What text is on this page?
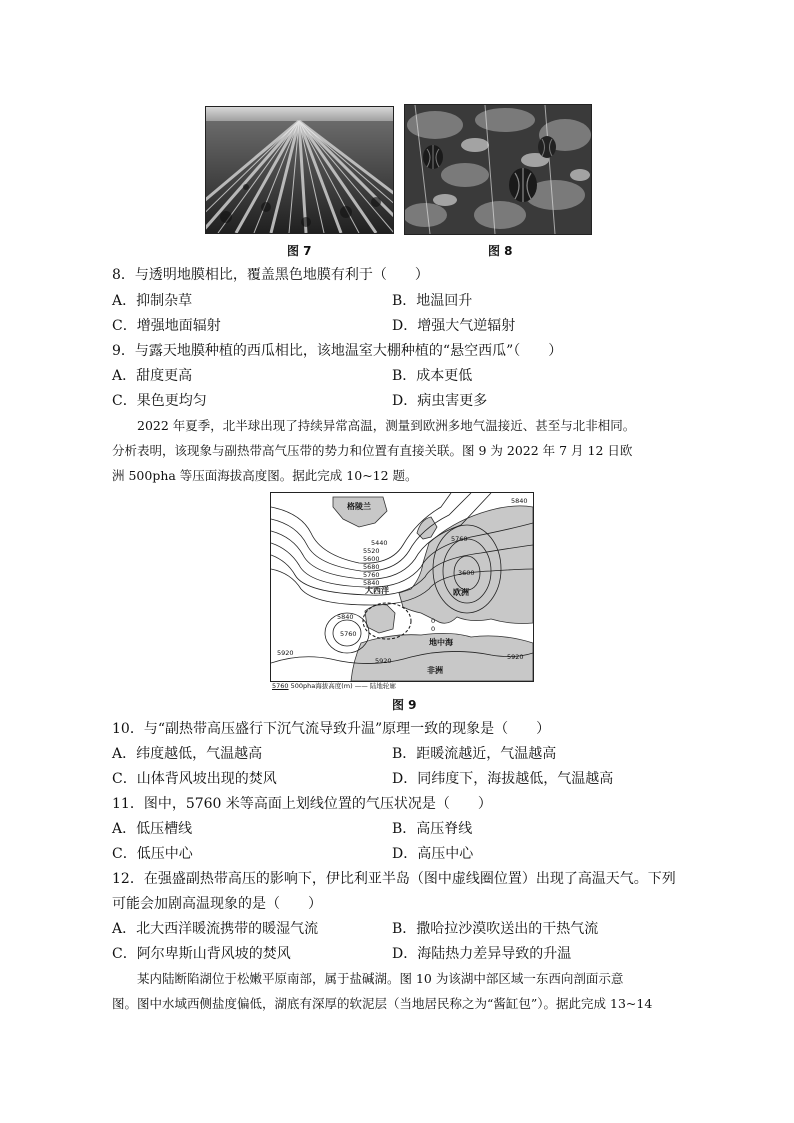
图 7	图 8
8．与透明地膜相比，覆盖黑色地膜有利于（　　）
A．抑制杂草	B．地温回升
C．增强地面辐射	D．增强大气逆辐射
9．与露天地膜种植的西瓜相比，该地温室大棚种植的“悬空西瓜”（　　）
A．甜度更高	B．成本更低
C．果色更均匀	D．病虫害更多

2022 年夏季，北半球出现了持续异常高温，测量到欧洲多地气温接近、甚至与北非相同。

分析表明，该现象与副热带高气压带的势力和位置有直接关联。图 9 为 2022 年 7 月 12 日欧
洲 500pha 等压面海拔高度图。据此完成 10~12 题。
格陵兰
大西洋	欧洲
地中海
非洲
5840
5440
5520
5600
5680
5760
5840
5760
3600
5840
5760
5920
5920	5920
0
0
5760 500pha海拔高度(m) —— 陆地轮廓
图 9
10．与“副热带高压盛行下沉气流导致升温”原理一致的现象是（　　）
A．纬度越低，气温越高	B．距暖流越近，气温越高
C．山体背风坡出现的焚风	D．同纬度下，海拔越低，气温越高
11．图中，5760 米等高面上划线位置的气压状况是（　　）
A．低压槽线	B．高压脊线
C．低压中心	D．高压中心
12．在强盛副热带高压的影响下，伊比利亚半岛（图中虚线圈位置）出现了高温天气。下列
可能会加剧高温现象的是（　　）
A．北大西洋暖流携带的暖湿气流	B．撒哈拉沙漠吹送出的干热气流
C．阿尔卑斯山背风坡的焚风	D．海陆热力差异导致的升温

某内陆断陷湖位于松嫩平原南部，属于盐碱湖。图 10 为该湖中部区域一东西向剖面示意

图。图中水域西侧盐度偏低，湖底有深厚的软泥层（当地居民称之为“酱缸包”）。据此完成 13~14
